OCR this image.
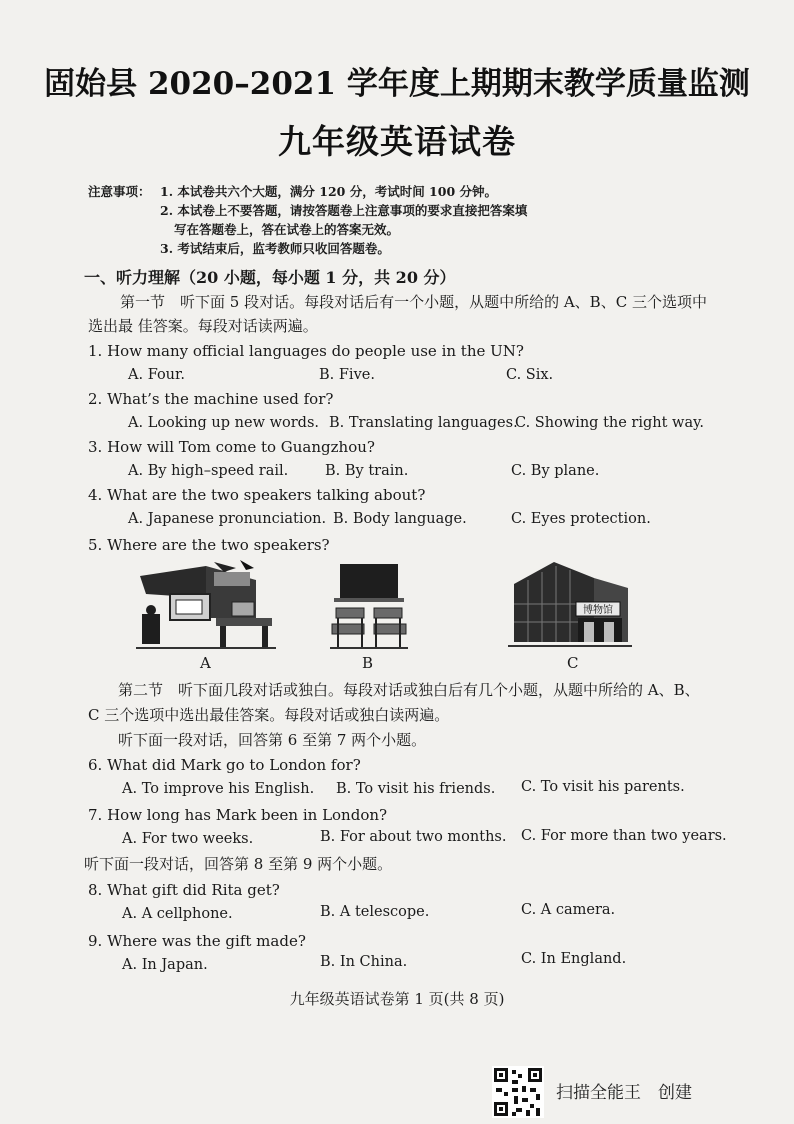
固始县 2020–2021 学年度上期期末教学质量监测
九年级英语试卷
注意事项： 1. 本试卷共六个大题，满分 120 分，考试时间 100 分钟。
2. 本试卷上不要答题，请按答题卷上注意事项的要求直接把答案填
写在答题卷上，答在试卷上的答案无效。
3. 考试结束后，监考教师只收回答题卷。
一、听力理解（20 小题，每小题 1 分，共 20 分）
第一节　听下面 5 段对话。每段对话后有一个小题，从题中所给的 A、B、C 三个选项中
选出最 佳答案。每段对话读两遍。
1. How many official languages do people use in the UN?
A. Four.	B. Five.	C. Six.
2. What’s the machine used for?
A. Looking up new words. B. Translating languages.
C. Showing the right way.
3. How will Tom come to Guangzhou?
A. By high–speed rail.	B. By train.	C. By plane.
4. What are the two speakers talking about?
A. Japanese pronunciation. B. Body language.	C. Eyes protection.
5. Where are the two speakers?
A	B
博物馆
C
第二节　听下面几段对话或独白。每段对话或独白后有几个小题，从题中所给的 A、B、
C 三个选项中选出最佳答案。每段对话或独白读两遍。
听下面一段对话，回答第 6 至第 7 两个小题。
6. What did Mark go to London for?
A. To improve his English. B. To visit his friends. C. To visit his parents.
7. How long has Mark been in London?
A. For two weeks.	B. For about two months. C. For more than two years.
听下面一段对话，回答第 8 至第 9 两个小题。
8. What gift did Rita get?
A. A cellphone.	B. A telescope.	C. A camera.
9. Where was the gift made?
A. In Japan.	B. In China.	C. In England.
九年级英语试卷第 1 页(共 8 页)
扫描全能王　创建
